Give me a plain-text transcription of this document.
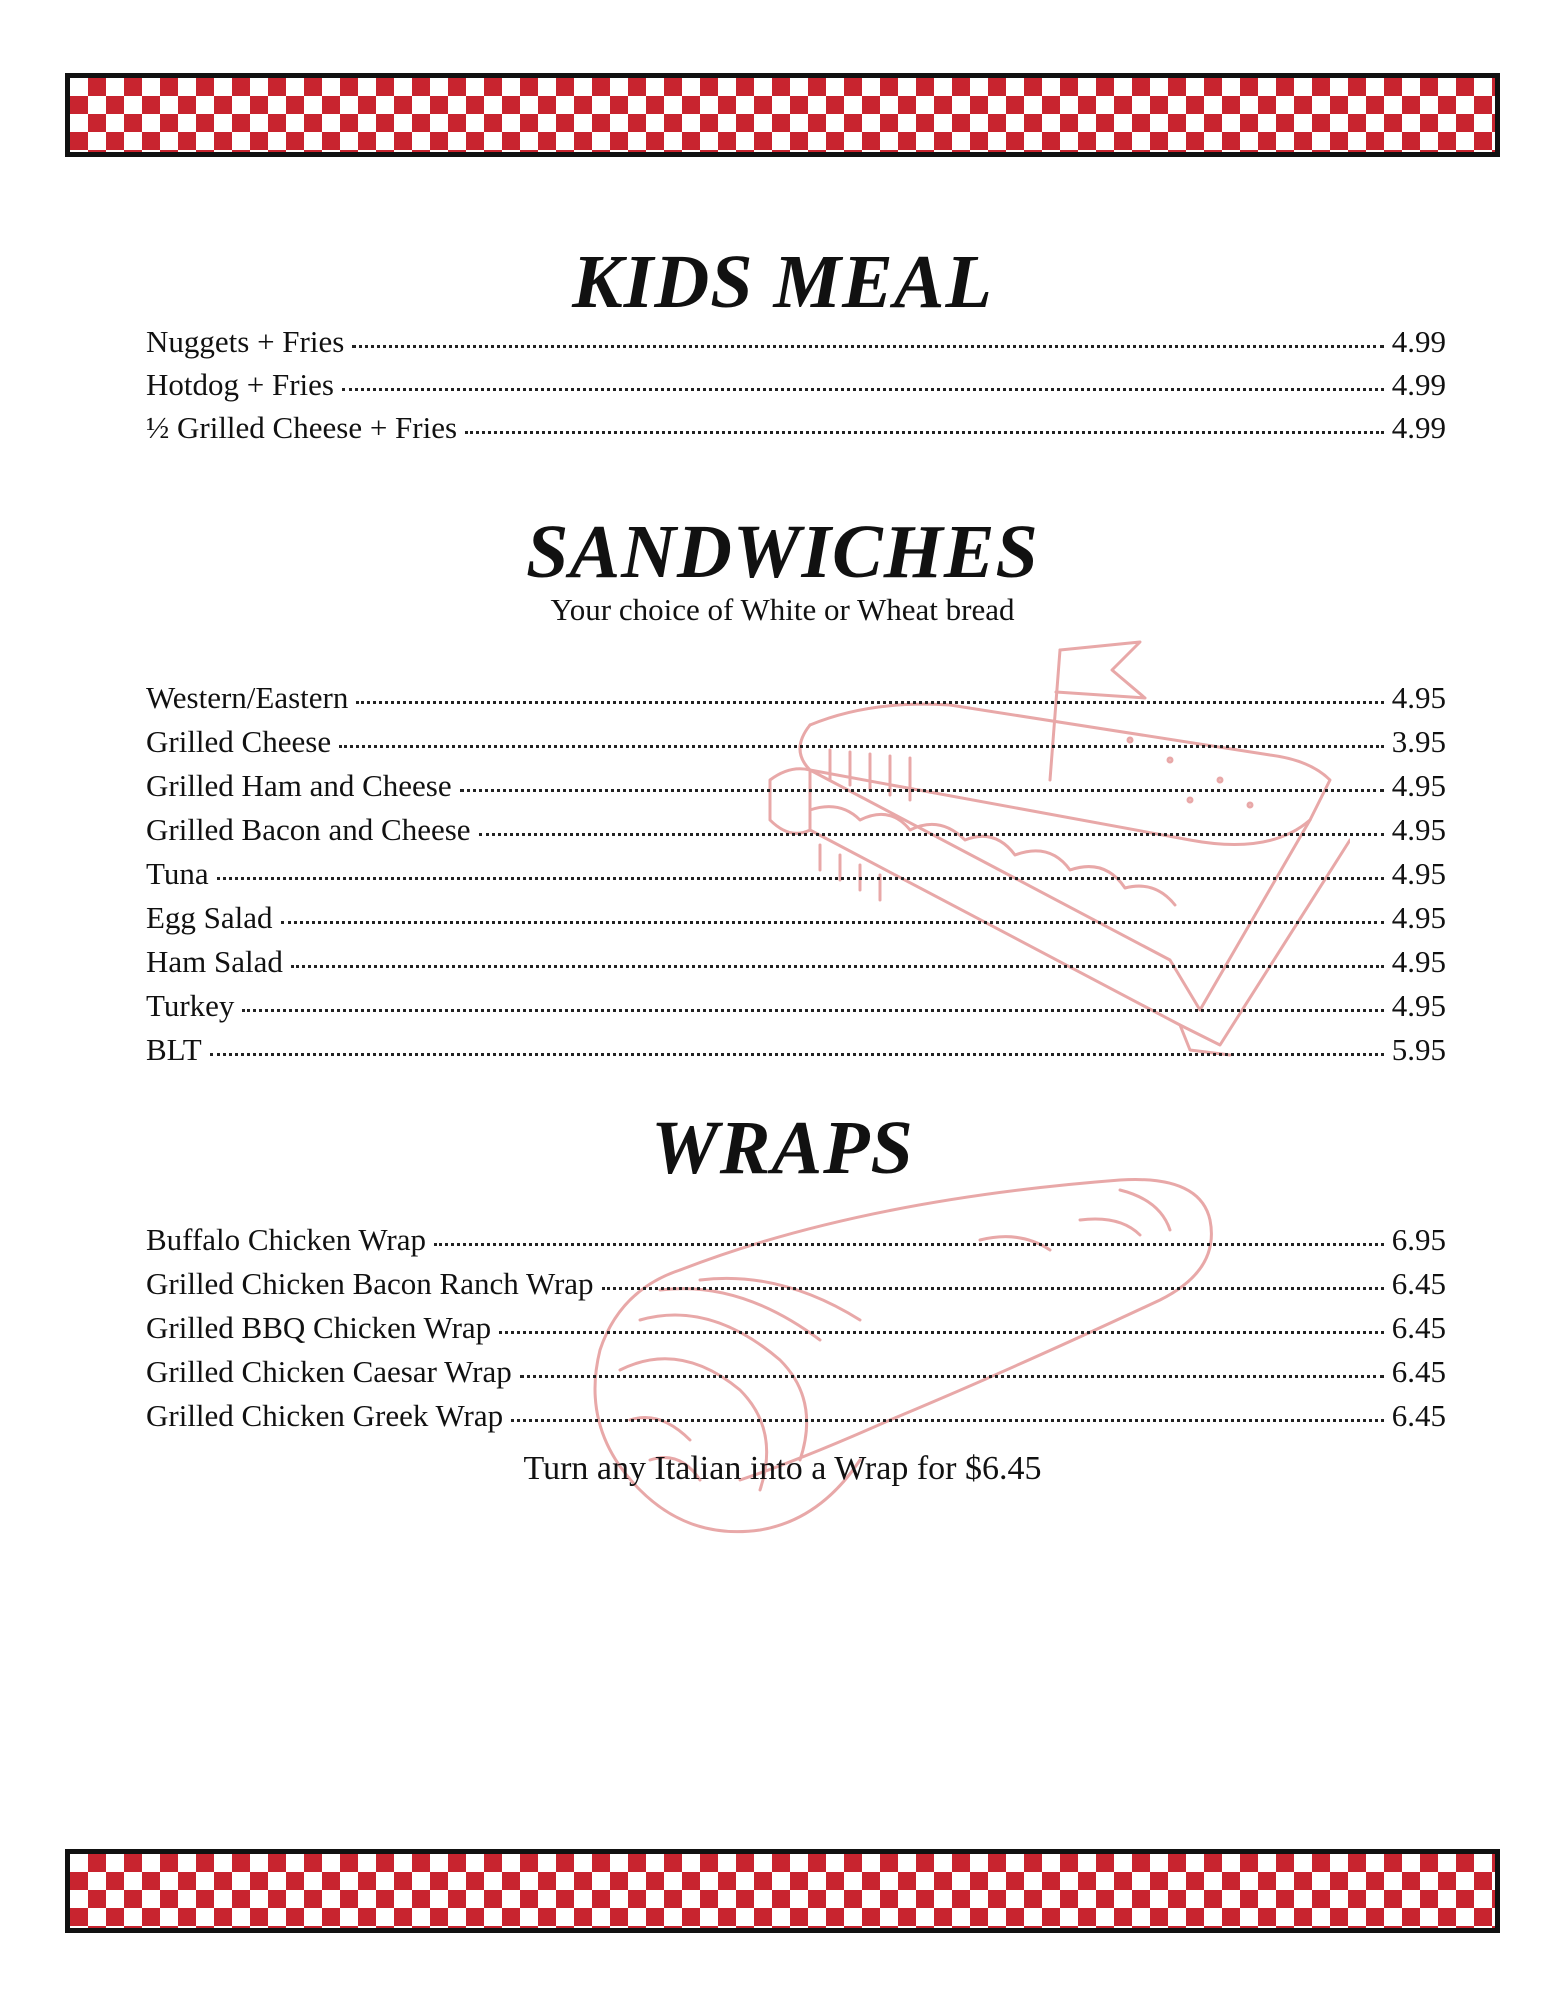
KIDS MEAL
Nuggets + Fries	4.99
Hotdog + Fries	4.99
½ Grilled Cheese + Fries	4.99
SANDWICHES
Your choice of White or Wheat bread
Western/Eastern	4.95
Grilled Cheese	3.95
Grilled Ham and Cheese	4.95
Grilled Bacon and Cheese	4.95
Tuna	4.95
Egg Salad	4.95
Ham Salad	4.95
Turkey	4.95
BLT	5.95
WRAPS
Buffalo Chicken Wrap	6.95
Grilled Chicken Bacon Ranch Wrap	6.45
Grilled BBQ Chicken Wrap	6.45
Grilled Chicken Caesar Wrap	6.45
Grilled Chicken Greek Wrap	6.45
Turn any Italian into a Wrap for $6.45
